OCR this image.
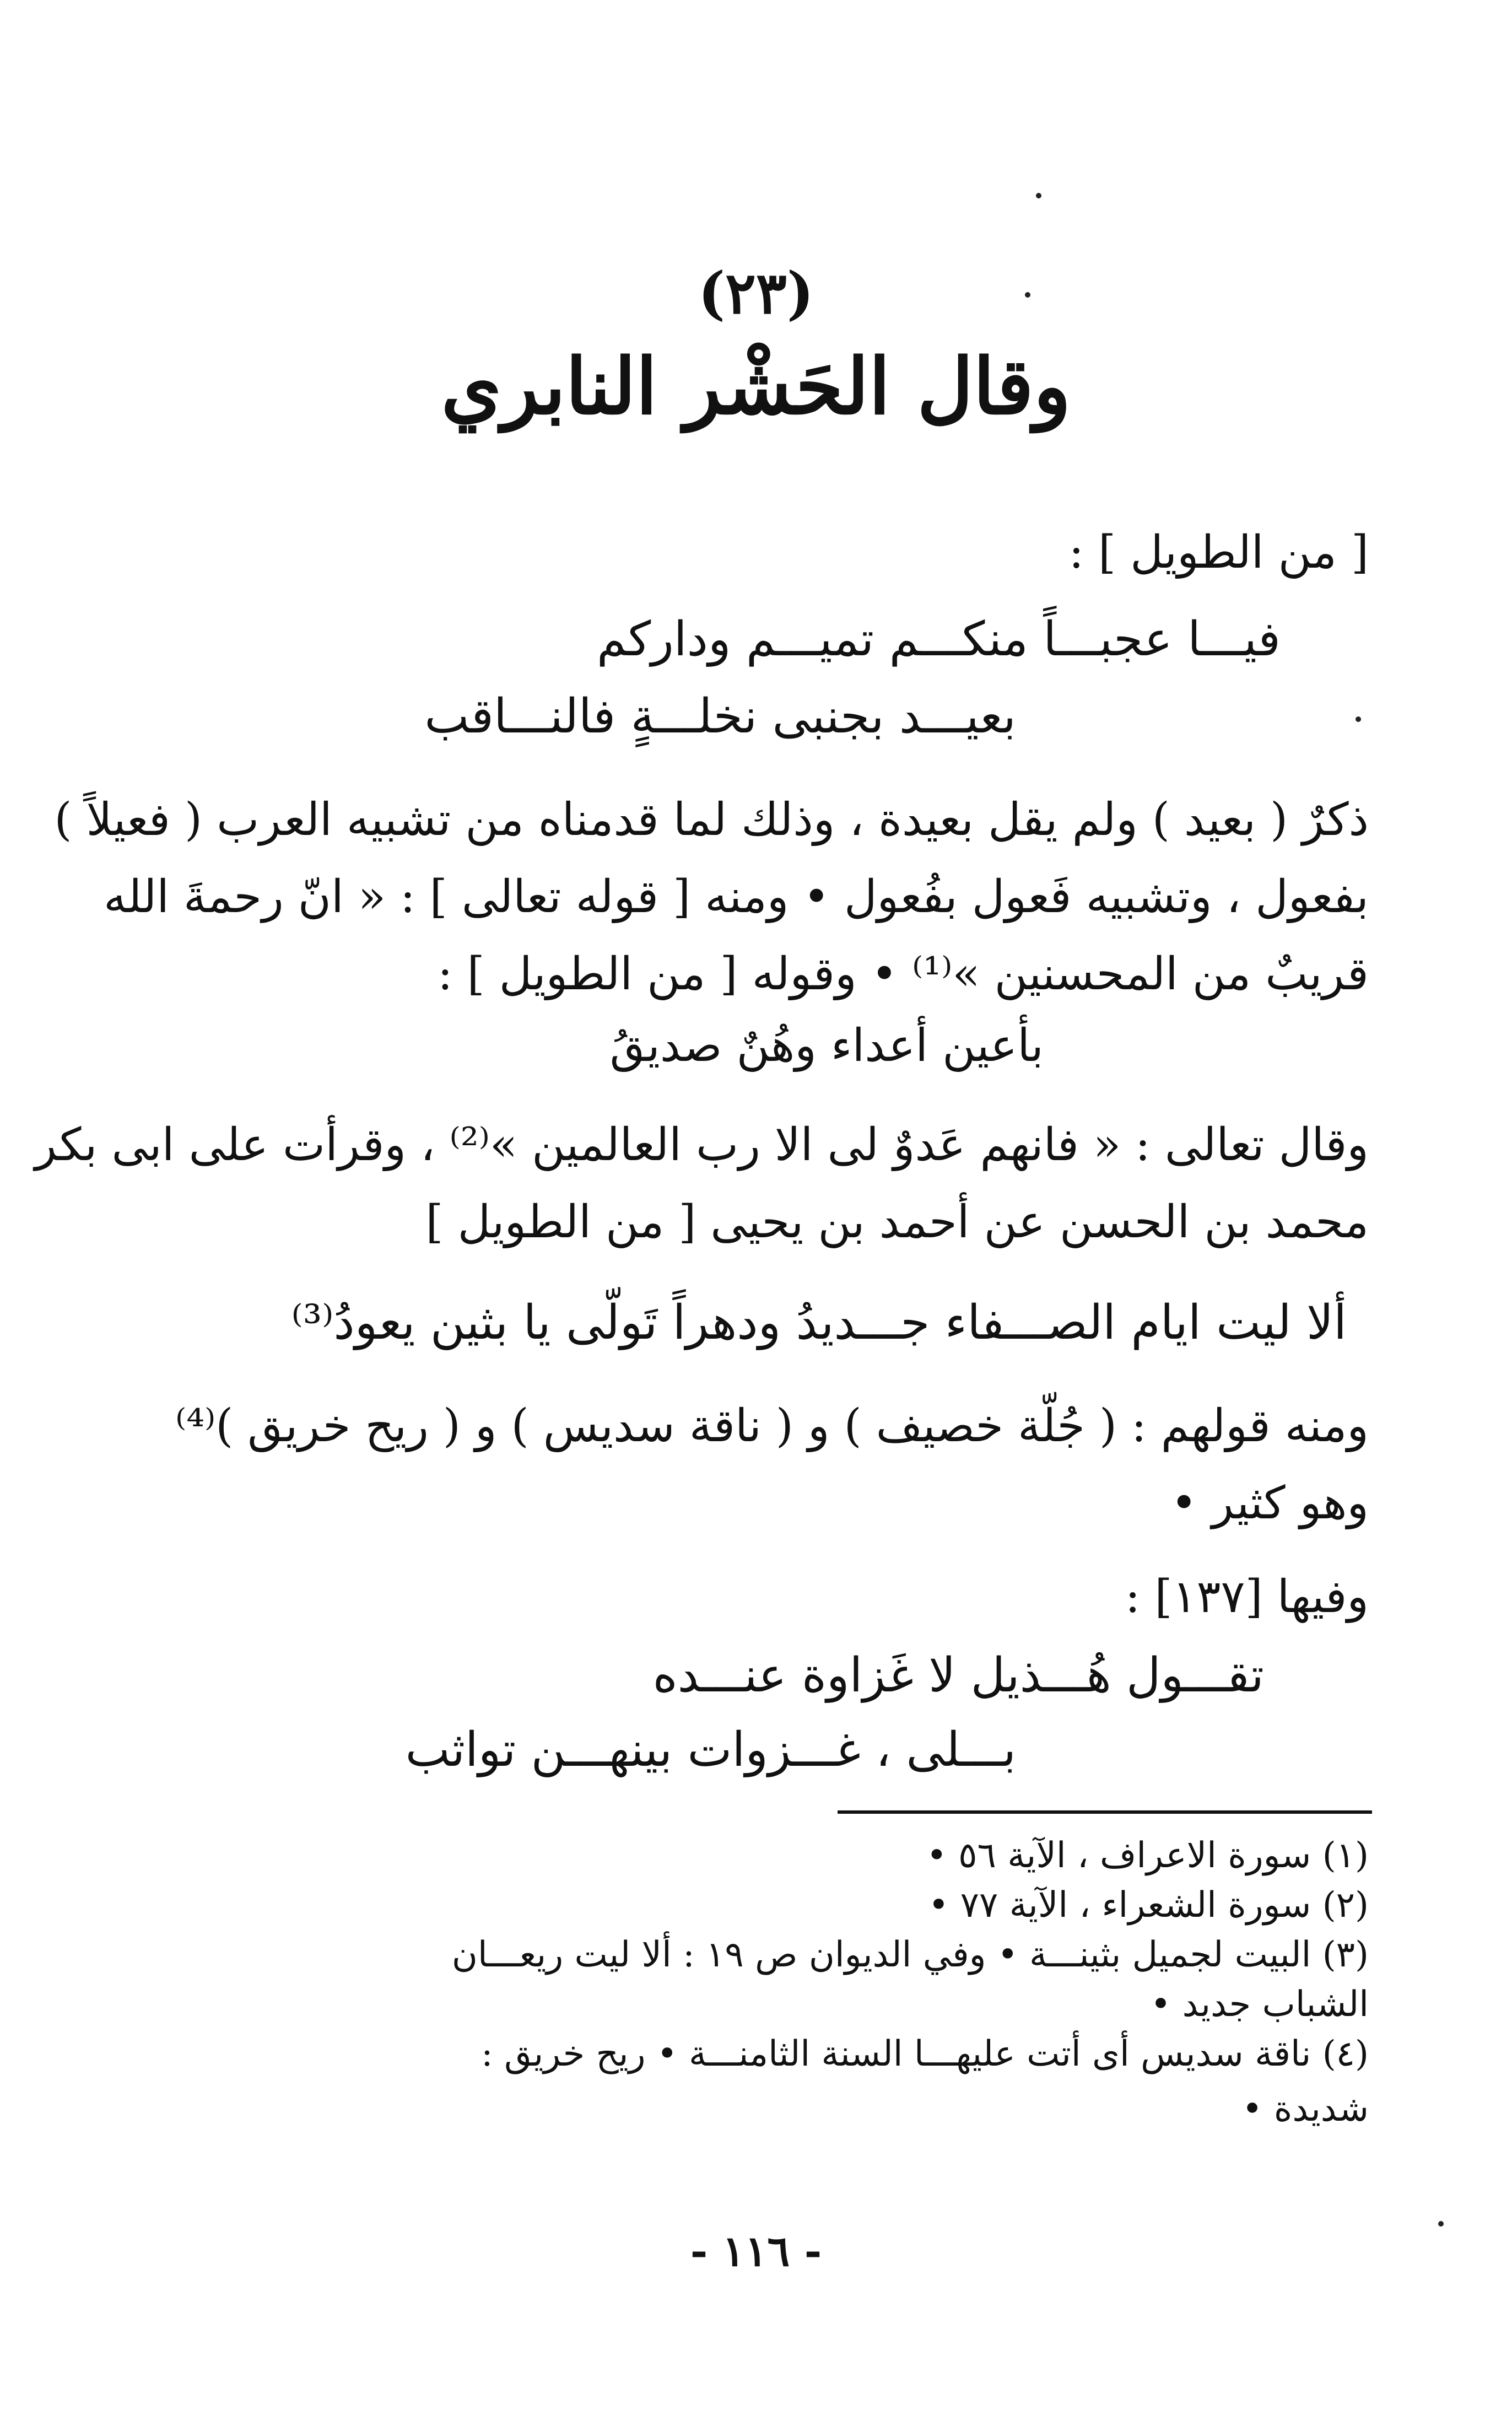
(٢٣)
وقال الحَشْر النابري
[ من الطويل ] :
فيـــا عجبـــاً منكـــم تميـــم ودارکم
بعيـــد بجنبى نخلـــةٍ فالنـــاقب
ذكرٌ ( بعيد ) ولم يقل بعيدة ، وذلك لما قدمناه من تشبيه العرب ( فعيلاً )
بفعول ، وتشبيه فَعول بفُعول • ومنه [ قوله تعالى ] : « انّ رحمةَ الله
قريبٌ من المحسنين »⁽¹⁾ • وقوله [ من الطويل ] :
بأعين أعداء وهُنٌ صديقُ
وقال تعالى : « فانهم عَدوٌ لى الا رب العالمين »⁽²⁾ ، وقرأت على ابى بكر
محمد بن الحسن عن أحمد بن يحيى [ من الطويل ]
ألا ليت ايام الصـــفاء جـــديدُ ودهراً تَولّى يا بثين يعودُ⁽³⁾
ومنه قولهم : ( جُلّة خصيف ) و ( ناقة سديس ) و ( ريح خريق )⁽⁴⁾
وهو كثير •
وفيها [١٣٧] :
تقـــول هُـــذيل لا غَزاوة عنـــده
بـــلى ، غـــزوات بينهـــن تواثب
(١) سورة الاعراف ، الآية ٥٦ •
(٢) سورة الشعراء ، الآية ٧٧ •
(٣) البيت لجميل بثينـــة • وفي الديوان ص ١٩ : ألا ليت ريعـــان
الشباب جديد •
(٤) ناقة سديس أى أتت عليهـــا السنة الثامنـــة • ريح خريق :
شديدة •
- ١١٦ -
